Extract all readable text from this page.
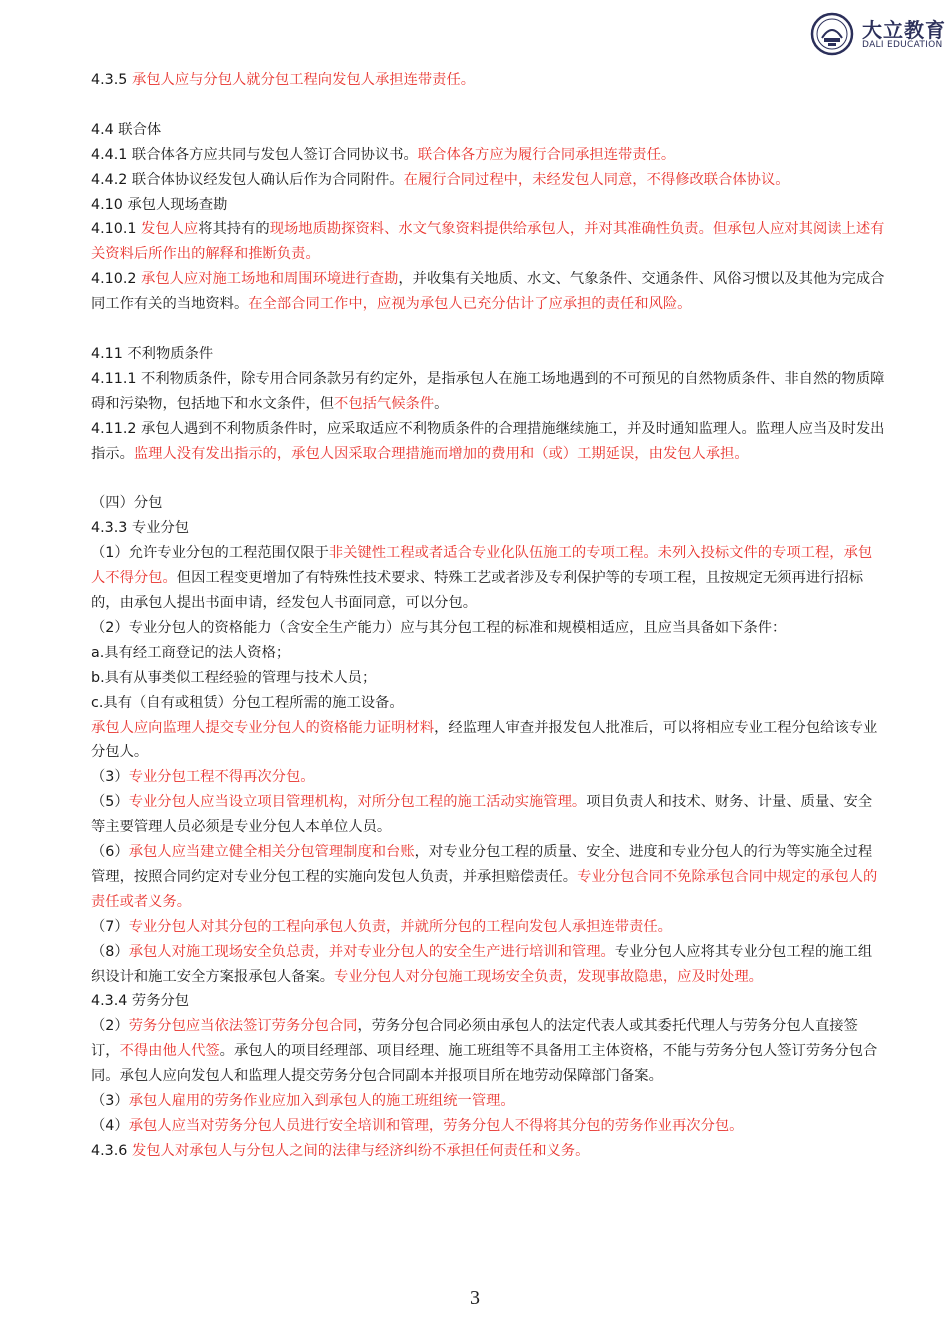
大立教育
DALI EDUCATION

4.3.5 承包人应与分包人就分包工程向发包人承担连带责任。

4.4 联合体

4.4.1 联合体各方应共同与发包人签订合同协议书。联合体各方应为履行合同承担连带责任。

4.4.2 联合体协议经发包人确认后作为合同附件。在履行合同过程中，未经发包人同意，不得修改联合体协议。

4.10 承包人现场查勘

4.10.1 发包人应将其持有的现场地质勘探资料、水文气象资料提供给承包人，并对其准确性负责。但承包人应对其阅读上述有关资料后所作出的解释和推断负责。

4.10.2 承包人应对施工场地和周围环境进行查勘，并收集有关地质、水文、气象条件、交通条件、风俗习惯以及其他为完成合同工作有关的当地资料。在全部合同工作中，应视为承包人已充分估计了应承担的责任和风险。

4.11 不利物质条件

4.11.1 不利物质条件，除专用合同条款另有约定外，是指承包人在施工场地遇到的不可预见的自然物质条件、非自然的物质障碍和污染物，包括地下和水文条件，但不包括气候条件。

4.11.2 承包人遇到不利物质条件时，应采取适应不利物质条件的合理措施继续施工，并及时通知监理人。监理人应当及时发出指示。监理人没有发出指示的，承包人因采取合理措施而增加的费用和（或）工期延误，由发包人承担。

（四）分包

4.3.3 专业分包

（1）允许专业分包的工程范围仅限于非关键性工程或者适合专业化队伍施工的专项工程。未列入投标文件的专项工程，承包人不得分包。但因工程变更增加了有特殊性技术要求、特殊工艺或者涉及专利保护等的专项工程，且按规定无须再进行招标的，由承包人提出书面申请，经发包人书面同意，可以分包。

（2）专业分包人的资格能力（含安全生产能力）应与其分包工程的标准和规模相适应，且应当具备如下条件：

a.具有经工商登记的法人资格；

b.具有从事类似工程经验的管理与技术人员；

c.具有（自有或租赁）分包工程所需的施工设备。

承包人应向监理人提交专业分包人的资格能力证明材料，经监理人审查并报发包人批准后，可以将相应专业工程分包给该专业分包人。

（3）专业分包工程不得再次分包。

（5）专业分包人应当设立项目管理机构，对所分包工程的施工活动实施管理。项目负责人和技术、财务、计量、质量、安全等主要管理人员必须是专业分包人本单位人员。

（6）承包人应当建立健全相关分包管理制度和台账，对专业分包工程的质量、安全、进度和专业分包人的行为等实施全过程管理，按照合同约定对专业分包工程的实施向发包人负责，并承担赔偿责任。专业分包合同不免除承包合同中规定的承包人的责任或者义务。

（7）专业分包人对其分包的工程向承包人负责，并就所分包的工程向发包人承担连带责任。

（8）承包人对施工现场安全负总责，并对专业分包人的安全生产进行培训和管理。专业分包人应将其专业分包工程的施工组织设计和施工安全方案报承包人备案。专业分包人对分包施工现场安全负责，发现事故隐患，应及时处理。

4.3.4 劳务分包

（2）劳务分包应当依法签订劳务分包合同，劳务分包合同必须由承包人的法定代表人或其委托代理人与劳务分包人直接签订，不得由他人代签。承包人的项目经理部、项目经理、施工班组等不具备用工主体资格，不能与劳务分包人签订劳务分包合同。承包人应向发包人和监理人提交劳务分包合同副本并报项目所在地劳动保障部门备案。

（3）承包人雇用的劳务作业应加入到承包人的施工班组统一管理。

（4）承包人应当对劳务分包人员进行安全培训和管理，劳务分包人不得将其分包的劳务作业再次分包。

4.3.6 发包人对承包人与分包人之间的法律与经济纠纷不承担任何责任和义务。

3
